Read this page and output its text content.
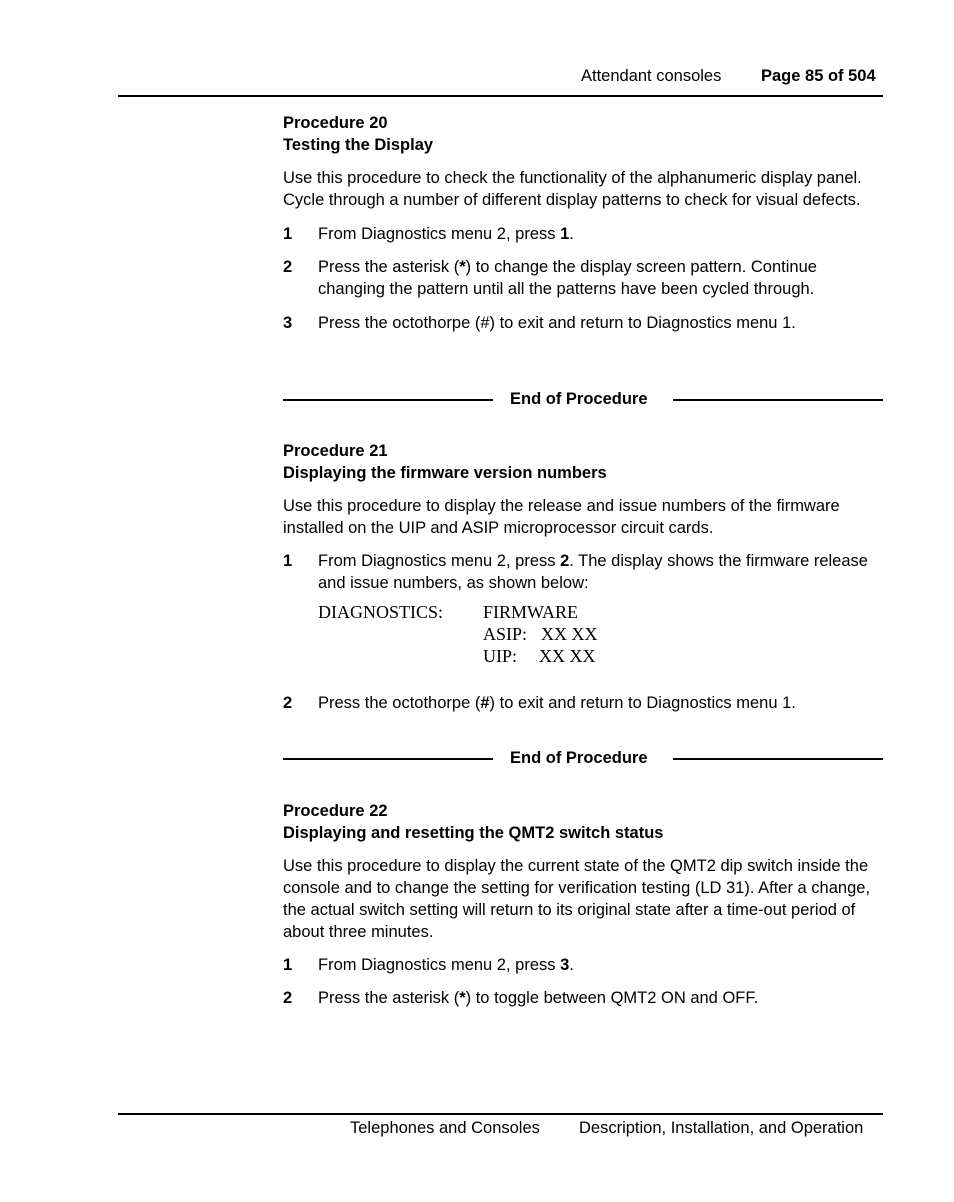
Attendant consoles Page 85 of 504

Procedure 20

Testing the Display

Use this procedure to check the functionality of the alphanumeric display panel. Cycle through a number of different display patterns to check for visual defects.

1 From Diagnostics menu 2, press 1.
2 Press the asterisk (*) to change the display screen pattern. Continue changing the pattern until all the patterns have been cycled through.
3 Press the octothorpe (#) to exit and return to Diagnostics menu 1.
End of Procedure

Procedure 21

Displaying the firmware version numbers

Use this procedure to display the release and issue numbers of the firmware installed on the UIP and ASIP microprocessor circuit cards.

1 From Diagnostics menu 2, press 2. The display shows the firmware release and issue numbers, as shown below:
DIAGNOSTICS: FIRMWARE
ASIP: XX XX
UIP: XX XX
2 Press the octothorpe (#) to exit and return to Diagnostics menu 1.
End of Procedure

Procedure 22

Displaying and resetting the QMT2 switch status

Use this procedure to display the current state of the QMT2 dip switch inside the console and to change the setting for verification testing (LD 31). After a change, the actual switch setting will return to its original state after a time-out period of about three minutes.

1 From Diagnostics menu 2, press 3.
2 Press the asterisk (*) to toggle between QMT2 ON and OFF.
Telephones and Consoles Description, Installation, and Operation
